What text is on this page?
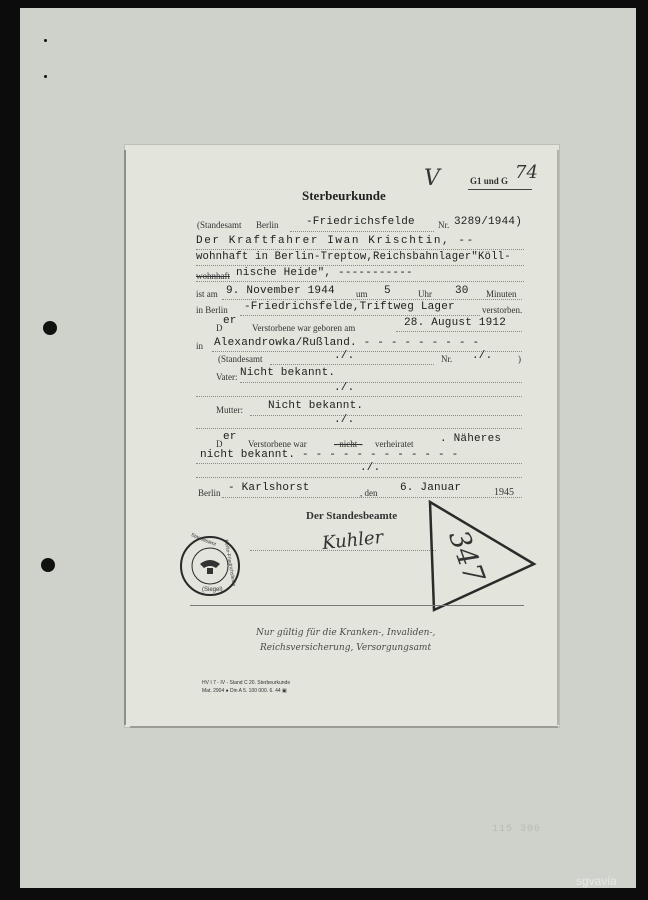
Sterbeurkunde
V	G1 und G 74
(Standesamt Berlin	-Friedrichsfelde	Nr. 3289/1944)
Der Kraftfahrer Iwan Krischtin, --
wohnhaft in Berlin-Treptow,Reichsbahnlager"Köll-
wohnhaft nische Heide", -----------
ist am 9. November 1944 um 5	Uhr 30 Minuten
in Berlin -Friedrichsfelde,Triftweg Lager	verstorben.
D
er
Verstorbene war geboren am	28. August 1912
in Alexandrowka/Rußland. - - - - - - - - -
(Standesamt	./.	Nr. ./.	)
Vater: Nicht bekannt.
./.
Mutter: Nicht bekannt.
./.
D
er
Verstorbene war	- nicht - verheiratet . Näheres
nicht bekannt. - - - - - - - - - - - -
./.
Berlin - Karlshorst	, den 6. Januar	1945
Der Standesbeamte
Kuhler
Standesamt Berlin-Friedrichsfelde
(Siegel)
347
Nur gültig für die Kranken-, Invaliden-,
Reichsversicherung, Versorgungsamt
HV I 7 - IV - Stand C 20. Sterbeurkunde
Mat. 2904 ● Din A 5. 100 000. 6. 44 ▣
115 300
sgvavia
